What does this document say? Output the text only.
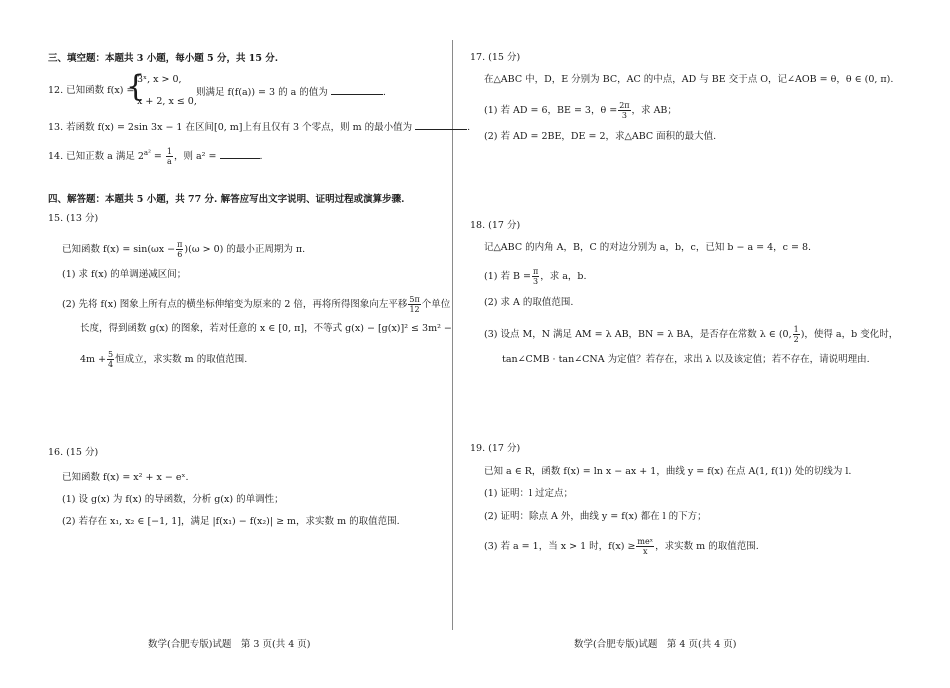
三、填空题：本题共 3 小题，每小题 5 分，共 15 分.
12. 已知函数 f(x) =
{
3ˣ, x > 0,
x + 2, x ≤ 0,
则满足 f(f(a)) = 3 的 a 的值为	.
13. 若函数 f(x) = 2sin 3x − 1 在区间[0, m]上有且仅有 3 个零点，则 m 的最小值为	.
14. 已知正数 a 满足 $2^{a^2} = \frac{1}{a}$ ，则 a² =	.
四、解答题：本题共 5 小题，共 77 分. 解答应写出文字说明、证明过程或演算步骤.
15. (13 分)
已知函数 $f(x) = \sin(\omega x - \frac{\pi}{6} )(\omega > 0)$ 的最小正周期为 π.
(1) 求 f(x) 的单调递减区间；
(2) 先将 f(x) 图象上所有点的横坐标伸缩变为原来的 2 倍，再将所得图象向左平移 $\frac{5\pi}{12}$ 个单位
长度，得到函数 g(x) 的图象，若对任意的 x ∈ [0, π]，不等式 g(x) − [g(x)]² ≤ 3m² −
$4m + \frac{5}{4}$ 恒成立，求实数 m 的取值范围.
16. (15 分)
已知函数 f(x) = x² + x − eˣ.
(1) 设 g(x) 为 f(x) 的导函数，分析 g(x) 的单调性；
(2) 若存在 x₁, x₂ ∈ [−1, 1]，满足 |f(x₁) − f(x₂)| ≥ m，求实数 m 的取值范围.
数学(合肥专版)试题　第 3 页(共 4 页)
17. (15 分)
在△ABC 中，D，E 分别为 BC，AC 的中点，AD 与 BE 交于点 O，记∠AOB = θ，θ ∈ (0, π).
(1) 若 AD = 6，BE = 3，$\theta = \frac{2\pi}{3}$ ，求 AB；
(2) 若 AD = 2BE，DE = 2，求△ABC 面积的最大值.
18. (17 分)
记△ABC 的内角 A，B，C 的对边分别为 a，b，c，已知 b − a = 4，c = 8.
(1) 若 $B = \frac{\pi}{3}$ ，求 a，b.
(2) 求 A 的取值范围.
(3) 设点 M，N 满足 AM = λ AB，BN = λ BA，是否存在常数 λ ∈ (0, $\frac{1}{2}$ )，使得 a，b 变化时，
tan∠CMB · tan∠CNA 为定值？若存在，求出 λ 以及该定值；若不存在，请说明理由.
19. (17 分)
已知 a ∈ R，函数 f(x) = ln x − ax + 1，曲线 y = f(x) 在点 A(1, f(1)) 处的切线为 l.
(1) 证明：l 过定点；
(2) 证明：除点 A 外，曲线 y = f(x) 都在 l 的下方；
(3) 若 a = 1，当 x > 1 时，$f(x) \ge \frac{\text{meˣ}}{x}$ ，求实数 m 的取值范围.
数学(合肥专版)试题　第 4 页(共 4 页)
